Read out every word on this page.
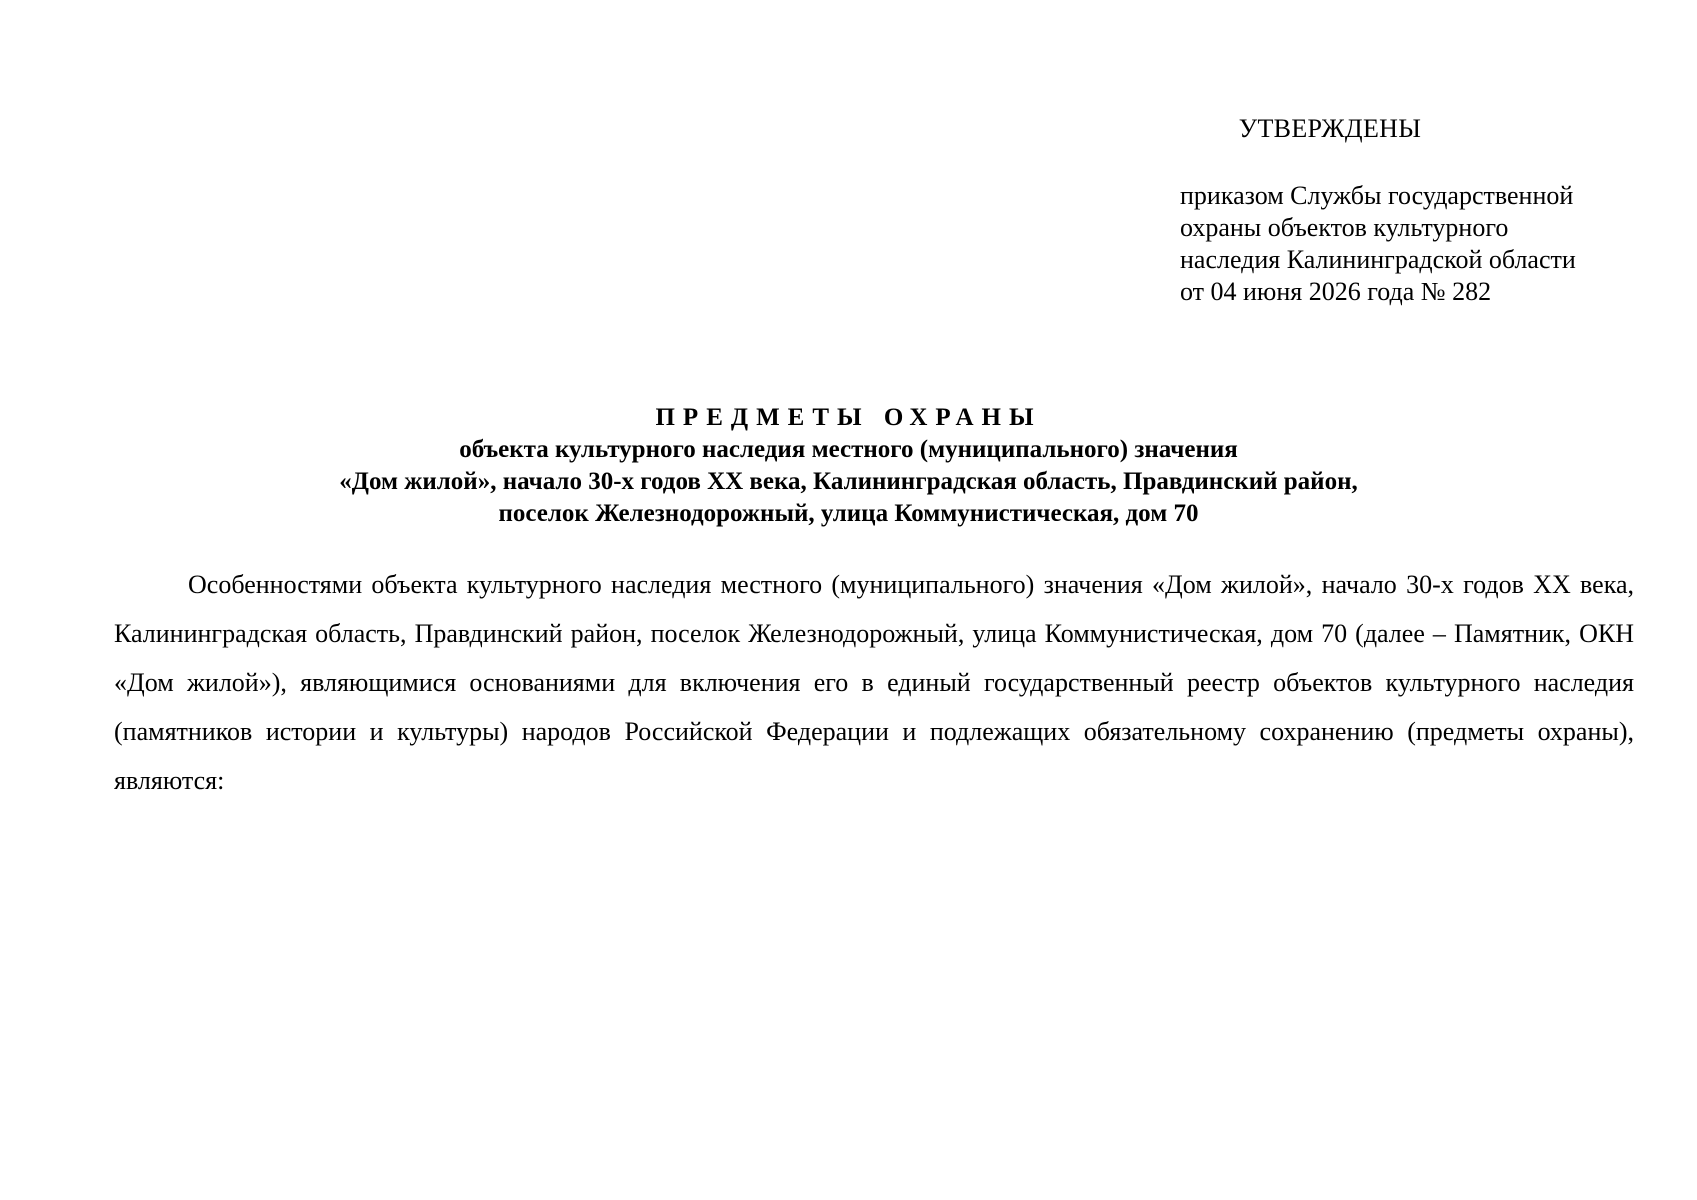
УТВЕРЖДЕНЫ
приказом Службы государственной
охраны объектов культурного
наследия Калининградской области
от 04 июня 2026 года № 282
ПРЕДМЕТЫ ОХРАНЫ
объекта культурного наследия местного (муниципального) значения
«Дом жилой», начало 30-х годов XX века, Калининградская область, Правдинский район,
поселок Железнодорожный, улица Коммунистическая, дом 70
Особенностями объекта культурного наследия местного (муниципального) значения «Дом жилой», начало 30-х годов XX века, Калининградская область, Правдинский район, поселок Железнодорожный, улица Коммунистическая, дом 70 (далее – Памятник, ОКН «Дом жилой»), являющимися основаниями для включения его в единый государственный реестр объектов культурного наследия (памятников истории и культуры) народов Российской Федерации и подлежащих обязательному сохранению (предметы охраны), являются:
